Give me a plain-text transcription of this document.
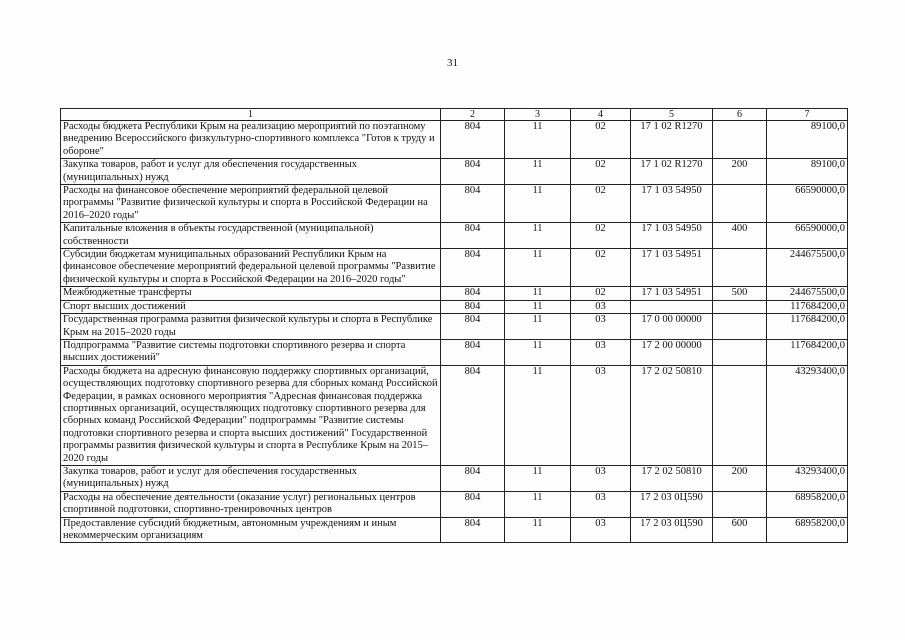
31
1	2	3	4	5	6	7
Расходы бюджета Республики Крым на реализацию мероприятий по поэтапному внедрению Всероссийского физкультурно-спортивного комплекса "Готов к труду и обороне"	804	11	02	17 1 02 R1270		89100,0
Закупка товаров, работ и услуг для обеспечения государственных (муниципальных) нужд	804	11	02	17 1 02 R1270	200	89100,0
Расходы на финансовое обеспечение мероприятий федеральной целевой программы "Развитие физической культуры и спорта в Российской Федерации на 2016–2020 годы"	804	11	02	17 1 03 54950		66590000,0
Капитальные вложения в объекты государственной (муниципальной) собственности	804	11	02	17 1 03 54950	400	66590000,0
Субсидии бюджетам муниципальных образований Республики Крым на финансовое обеспечение мероприятий федеральной целевой программы "Развитие физической культуры и спорта в Российской Федерации на 2016–2020 годы"	804	11	02	17 1 03 54951		244675500,0
Межбюджетные трансферты	804	11	02	17 1 03 54951	500	244675500,0
Спорт высших достижений	804	11	03			117684200,0
Государственная программа развития физической культуры и спорта в Республике Крым на 2015–2020 годы	804	11	03	17 0 00 00000		117684200,0
Подпрограмма "Развитие системы подготовки спортивного резерва и спорта высших достижений"	804	11	03	17 2 00 00000		117684200,0
Расходы бюджета на адресную финансовую поддержку спортивных организаций, осуществляющих подготовку спортивного резерва для сборных команд Российской Федерации, в рамках основного мероприятия "Адресная финансовая поддержка спортивных организаций, осуществляющих подготовку спортивного резерва для сборных команд Российской Федерации" подпрограммы "Развитие системы подготовки спортивного резерва и спорта высших достижений" Государственной программы развития физической культуры и спорта в Республике Крым на 2015–2020 годы	804	11	03	17 2 02 50810		43293400,0
Закупка товаров, работ и услуг для обеспечения государственных (муниципальных) нужд	804	11	03	17 2 02 50810	200	43293400,0
Расходы на обеспечение деятельности (оказание услуг) региональных центров спортивной подготовки, спортивно-тренировочных центров	804	11	03	17 2 03 0Ц590		68958200,0
Предоставление субсидий бюджетным, автономным учреждениям и иным некоммерческим организациям	804	11	03	17 2 03 0Ц590	600	68958200,0
